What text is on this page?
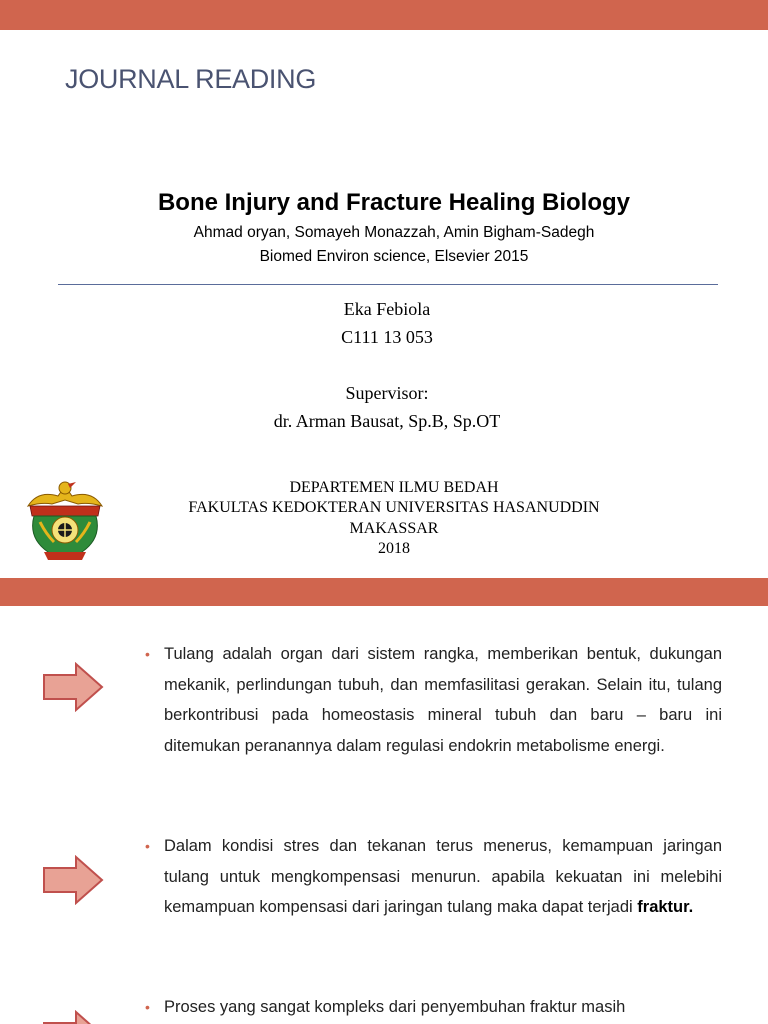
JOURNAL READING
Bone Injury and Fracture Healing Biology
Ahmad oryan, Somayeh Monazzah, Amin Bigham-Sadegh
Biomed Environ science, Elsevier 2015
Eka Febiola
C111 13 053
Supervisor:
dr. Arman Bausat, Sp.B, Sp.OT
DEPARTEMEN ILMU BEDAH
FAKULTAS KEDOKTERAN UNIVERSITAS HASANUDDIN
MAKASSAR
2018
• Tulang adalah organ dari sistem rangka, memberikan bentuk, dukungan mekanik, perlindungan tubuh, dan memfasilitasi gerakan. Selain itu, tulang berkontribusi pada homeostasis mineral tubuh dan baru – baru ini ditemukan peranannya dalam regulasi endokrin metabolisme energi.
• Dalam kondisi stres dan tekanan terus menerus, kemampuan jaringan tulang untuk mengkompensasi menurun. apabila kekuatan ini melebihi kemampuan kompensasi dari jaringan tulang maka dapat terjadi fraktur.
• Proses yang sangat kompleks dari penyembuhan fraktur masih
